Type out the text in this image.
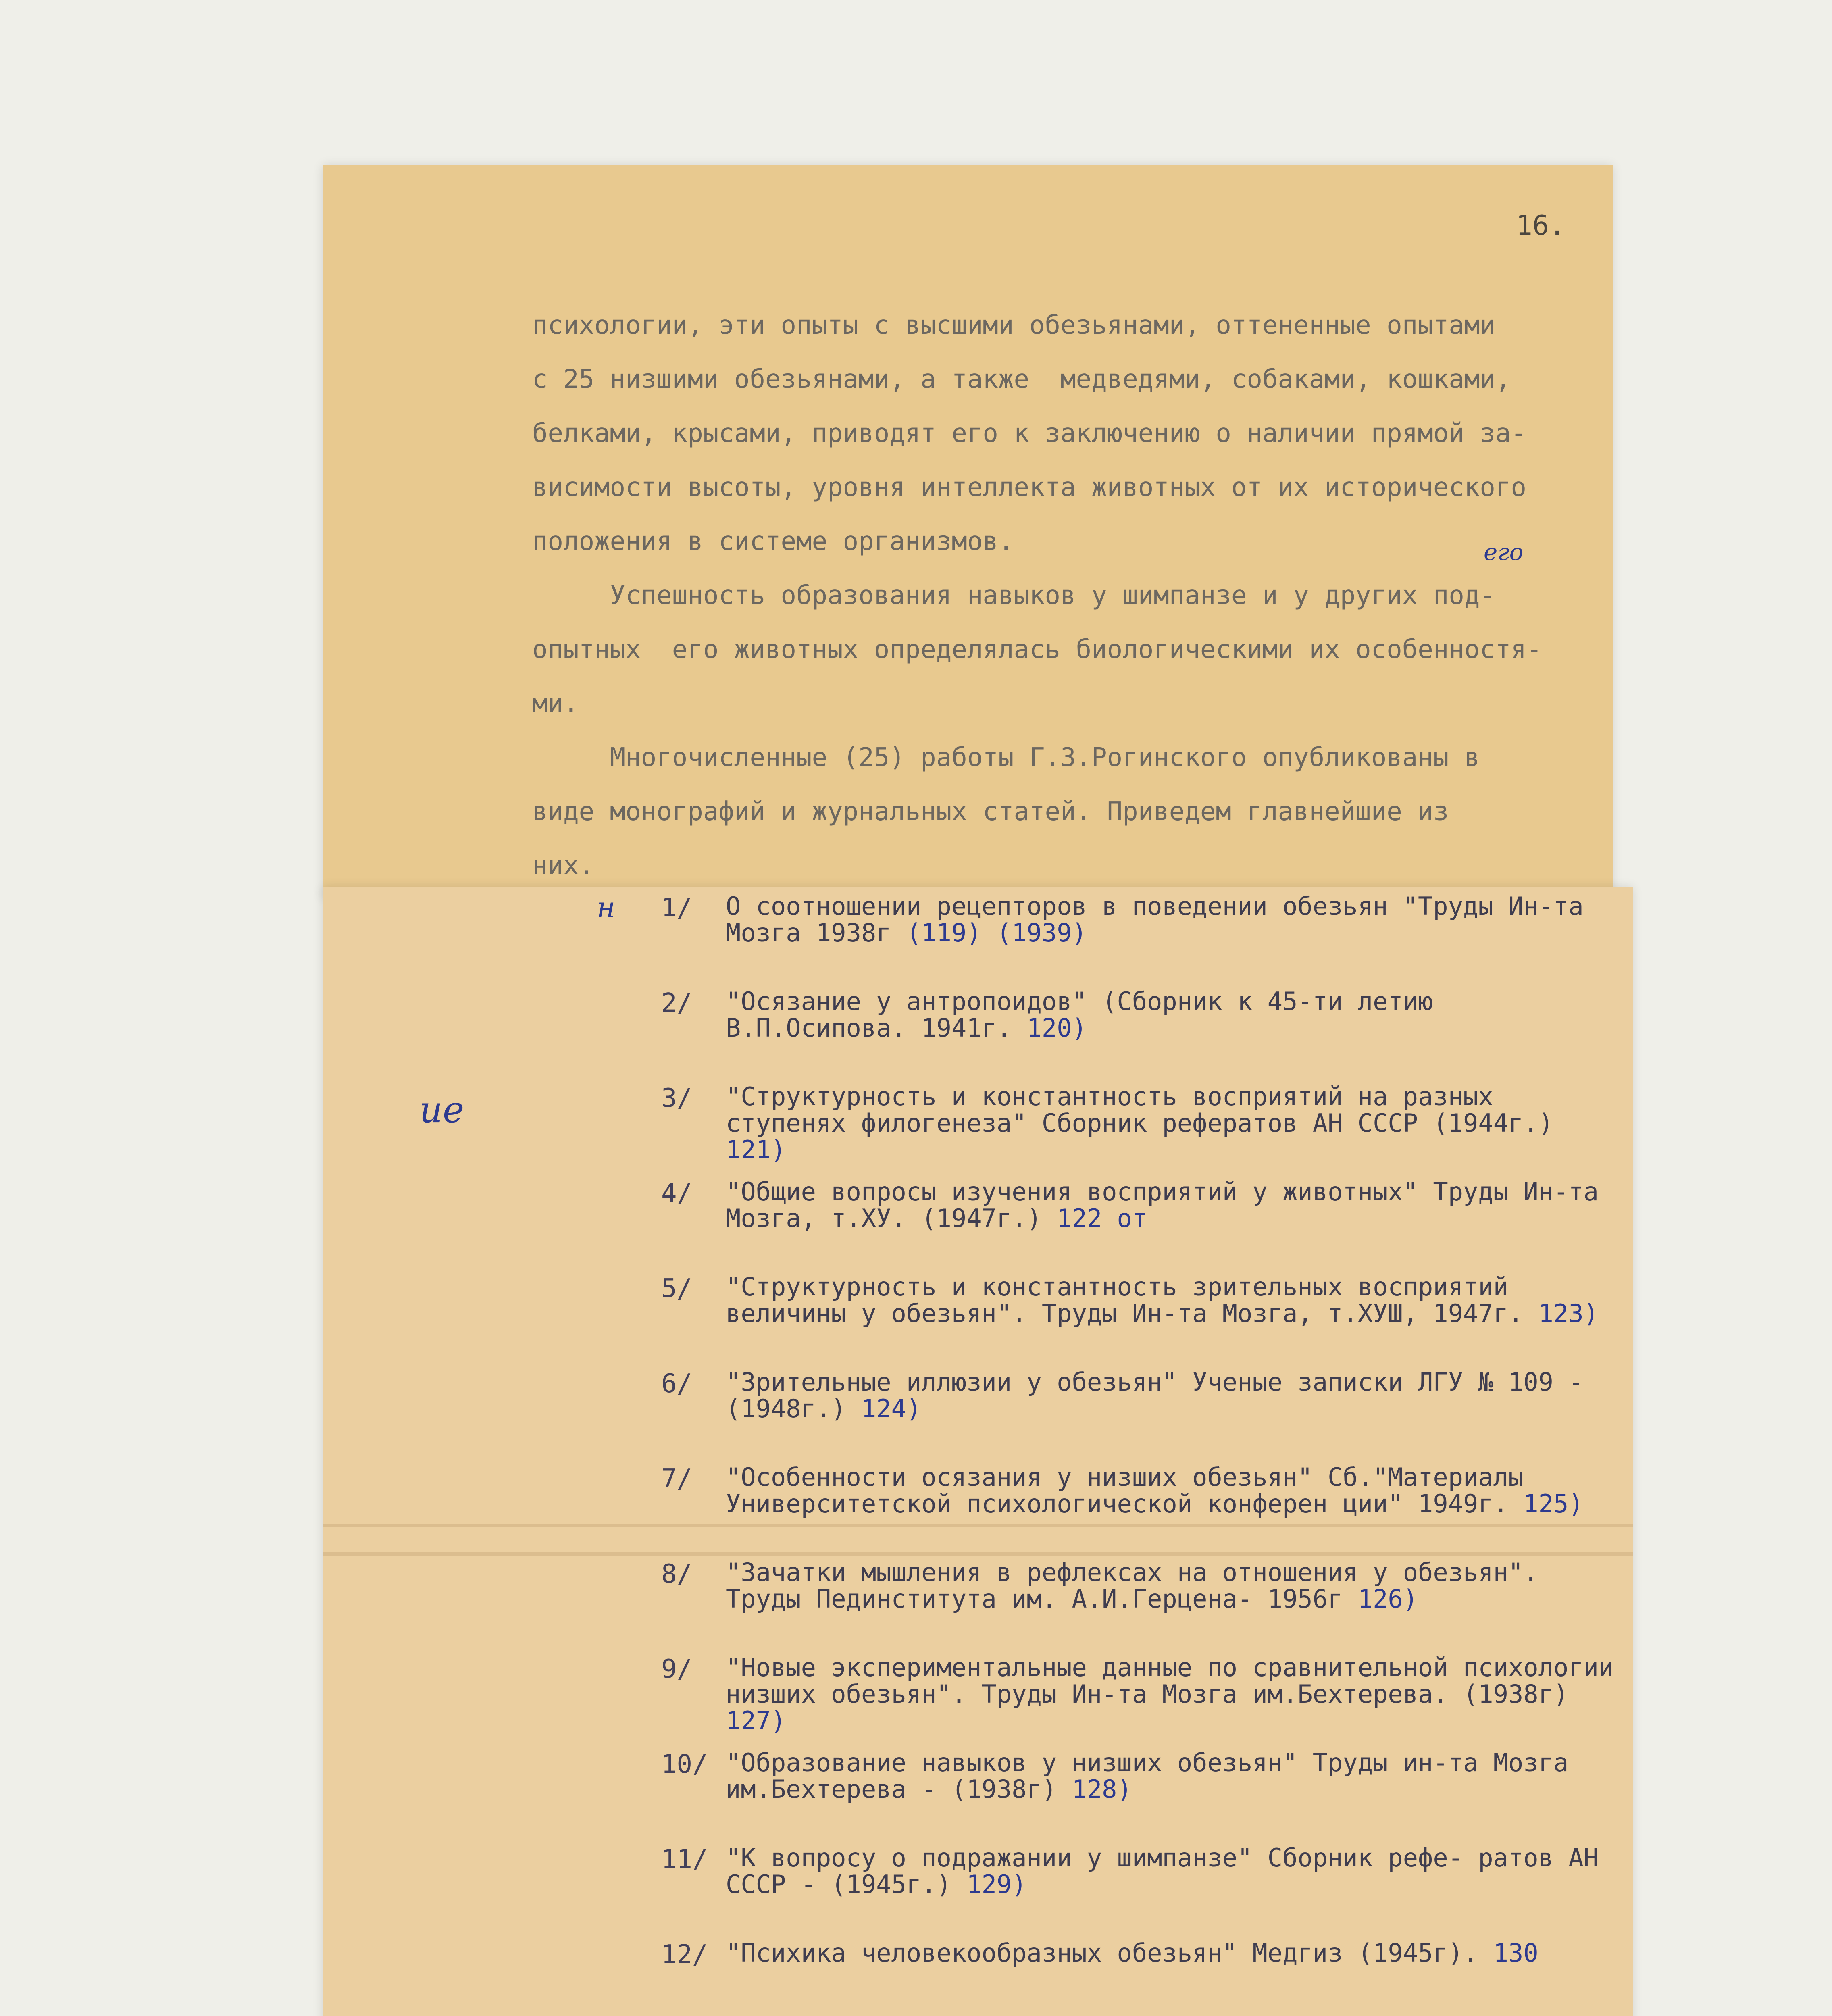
16.

психологии, эти опыты с высшими обезьянами, оттененные опытами
с 25 низшими обезьянами, а также  медведями, собаками, кошками,
белками, крысами, приводят его к заключению о наличии прямой за-
висимости высоты, уровня интеллекта животных от их исторического
положения в системе организмов.

Успешность образования навыков у шимпанзе и у других под-
опытных  его животных определялась биологическими их особенностя-
ми.

Многочисленные (25) работы Г.З.Рогинского опубликованы в
виде монографий и журнальных статей. Приведем главнейшие из
них.

его
н
ие
1/ О соотношении рецепторов в поведении обезьян "Труды Ин-та Мозга 1938г (119) (1939)

2/ "Осязание у антропоидов" (Сборник к 45-ти летию В.П.Осипова. 1941г. 120)

3/ "Структурность и константность восприятий на разных ступенях филогенеза" Сборник рефератов АН СССР (1944г.) 121)

4/ "Общие вопросы изучения восприятий у животных" Труды Ин-та Мозга, т.ХУ. (1947г.) 122 от

5/ "Структурность и константность зрительных восприятий величины у обезьян". Труды Ин-та Мозга, т.ХУШ, 1947г. 123)

6/ "Зрительные иллюзии у обезьян" Ученые записки ЛГУ № 109 - (1948г.) 124)

7/ "Особенности осязания у низших обезьян" Сб."Материалы Университетской психологической конферен ции" 1949г. 125)

8/ "Зачатки мышления в рефлексах на отношения у обезьян". Труды Пединститута им. А.И.Герцена- 1956г 126)

9/ "Новые экспериментальные данные по сравнительной психологии низших обезьян". Труды Ин-та Мозга им.Бехтерева. (1938г) 127)

10/ "Образование навыков у низших обезьян" Труды ин-та Мозга им.Бехтерева - (1938г) 128)

11/ "К вопросу о подражании у шимпанзе" Сборник рефе- ратов АН СССР - (1945г.) 129)

12/ "Психика человекообразных обезьян" Медгиз (1945г). 130
